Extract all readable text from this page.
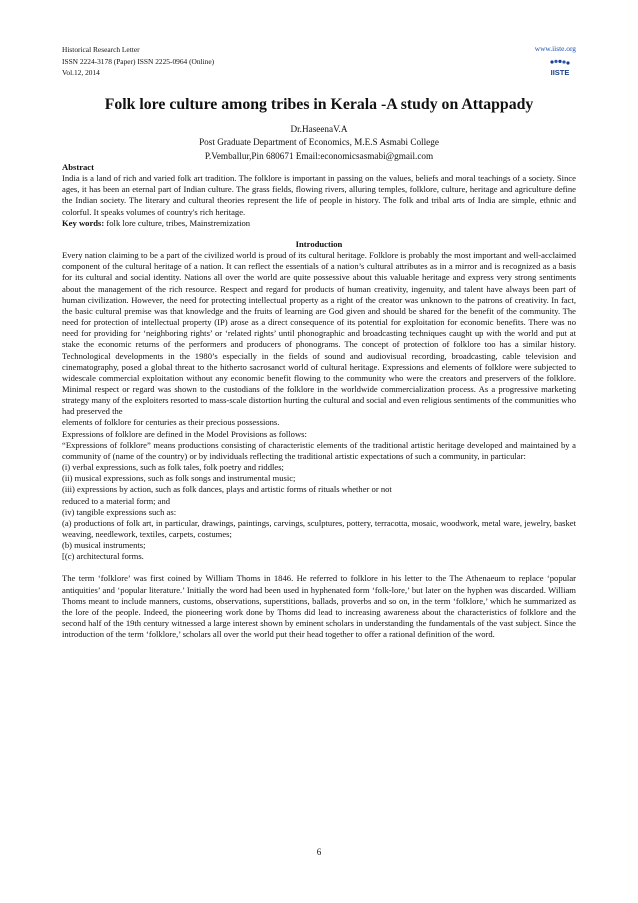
Historical Research Letter
ISSN 2224-3178 (Paper) ISSN 2225-0964 (Online)
Vol.12, 2014
www.iiste.org
IISTE
Folk lore culture among tribes in Kerala -A study on Attappady
Dr.HaseenaV.A
Post Graduate Department of Economics, M.E.S Asmabi College
P.Vemballur,Pin 680671 Email:economicsasmabi@gmail.com

Abstract

India is a land of rich and varied folk art tradition. The folklore is important in passing on the values, beliefs and moral teachings of a society. Since ages, it has been an eternal part of Indian culture. The grass fields, flowing rivers, alluring temples, folklore, culture, heritage and agriculture define the Indian society. The literary and cultural theories represent the life of people in history. The folk and tribal arts of India are simple, ethnic and colorful. It speaks volumes of country's rich heritage.

Key words: folk lore culture, tribes, Mainstremization

Introduction

Every nation claiming to be a part of the civilized world is proud of its cultural heritage. Folklore is probably the most important and well-acclaimed component of the cultural heritage of a nation. It can reflect the essentials of a nation’s cultural attributes as in a mirror and is recognized as a basis for its cultural and social identity. Nations all over the world are quite possessive about this valuable heritage and express very strong sentiments about the management of the rich resource. Respect and regard for products of human creativity, ingenuity, and talent have always been part of human civilization. However, the need for protecting intellectual property as a right of the creator was unknown to the patrons of creativity. In fact, the basic cultural premise was that knowledge and the fruits of learning are God given and should be shared for the benefit of the community. The need for protection of intellectual property (IP) arose as a direct consequence of its potential for exploitation for economic benefits. There was no need for providing for ‘neighboring rights’ or ‘related rights’ until phonographic and broadcasting techniques caught up with the world and put at stake the economic returns of the performers and producers of phonograms. The concept of protection of folklore too has a similar history. Technological developments in the 1980’s especially in the fields of sound and audiovisual recording, broadcasting, cable television and cinematography, posed a global threat to the hitherto sacrosanct world of cultural heritage. Expressions and elements of folklore were subjected to widescale commercial exploitation without any economic benefit flowing to the community who were the creators and preservers of the folklore. Minimal respect or regard was shown to the custodians of the folklore in the worldwide commercialization process. As a progressive marketing strategy many of the exploiters resorted to mass-scale distortion hurting the cultural and social and even religious sentiments of the communities who had preserved the

elements of folklore for centuries as their precious possessions.

Expressions of folklore are defined in the Model Provisions as follows:

“Expressions of folklore” means productions consisting of characteristic elements of the traditional artistic heritage developed and maintained by a community of (name of the country) or by individuals reflecting the traditional artistic expectations of such a community, in particular:

(i) verbal expressions, such as folk tales, folk poetry and riddles;

(ii) musical expressions, such as folk songs and instrumental music;

(iii) expressions by action, such as folk dances, plays and artistic forms of rituals whether or not

reduced to a material form; and

(iv) tangible expressions such as:

(a) productions of folk art, in particular, drawings, paintings, carvings, sculptures, pottery, terracotta, mosaic, woodwork, metal ware, jewelry, basket weaving, needlework, textiles, carpets, costumes;

(b) musical instruments;

[(c) architectural forms.

The term ‘folklore’ was first coined by William Thoms in 1846. He referred to folklore in his letter to the The Athenaeum to replace ‘popular antiquities’ and ‘popular literature.’ Initially the word had been used in hyphenated form ‘folk-lore,’ but later on the hyphen was discarded. William Thoms meant to include manners, customs, observations, superstitions, ballads, proverbs and so on, in the term ‘folklore,’ which he summarized as the lore of the people. Indeed, the pioneering work done by Thoms did lead to increasing awareness about the characteristics of folklore and the second half of the 19th century witnessed a large interest shown by eminent scholars in understanding the fundamentals of the vast subject. Since the introduction of the term ‘folklore,’ scholars all over the world put their head together to offer a rational definition of the word.

6
